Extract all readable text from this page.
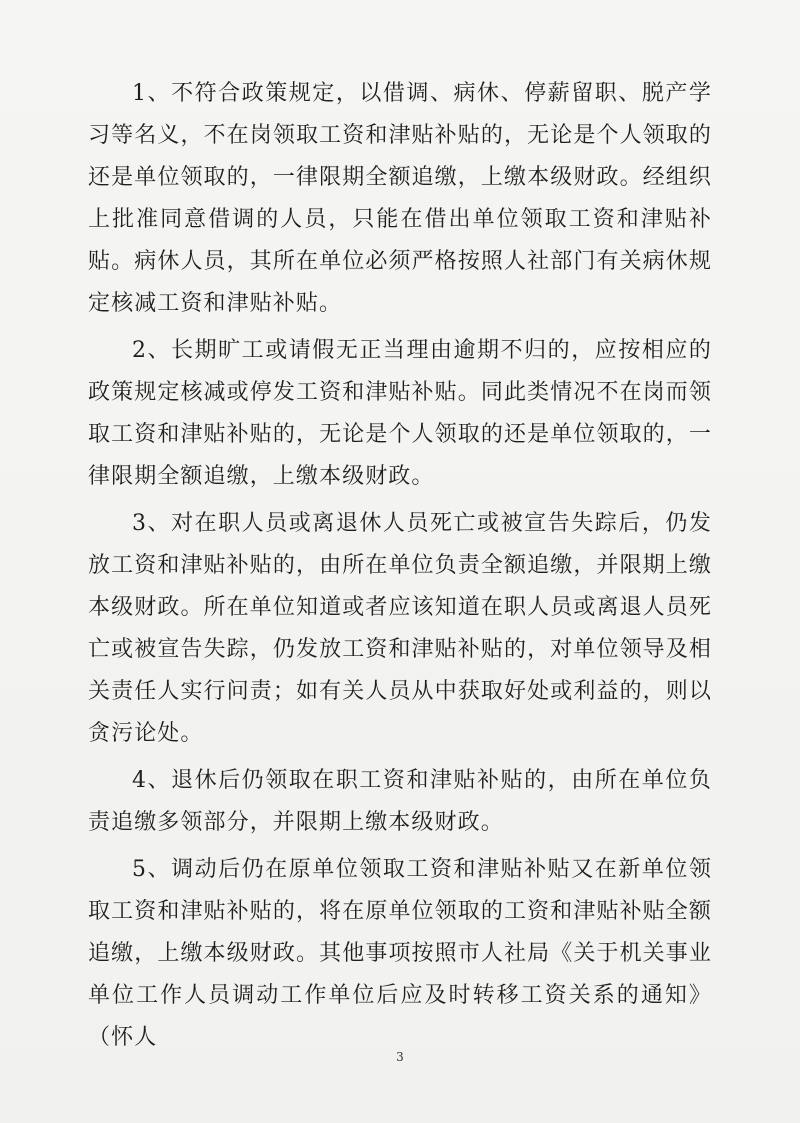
1、不符合政策规定，以借调、病休、停薪留职、脱产学习等名义，不在岗领取工资和津贴补贴的，无论是个人领取的还是单位领取的，一律限期全额追缴，上缴本级财政。经组织上批准同意借调的人员，只能在借出单位领取工资和津贴补贴。病休人员，其所在单位必须严格按照人社部门有关病休规定核减工资和津贴补贴。

2、长期旷工或请假无正当理由逾期不归的，应按相应的政策规定核减或停发工资和津贴补贴。同此类情况不在岗而领取工资和津贴补贴的，无论是个人领取的还是单位领取的，一律限期全额追缴，上缴本级财政。

3、对在职人员或离退休人员死亡或被宣告失踪后，仍发放工资和津贴补贴的，由所在单位负责全额追缴，并限期上缴本级财政。所在单位知道或者应该知道在职人员或离退人员死亡或被宣告失踪，仍发放工资和津贴补贴的，对单位领导及相关责任人实行问责；如有关人员从中获取好处或利益的，则以贪污论处。

4、退休后仍领取在职工资和津贴补贴的，由所在单位负责追缴多领部分，并限期上缴本级财政。

5、调动后仍在原单位领取工资和津贴补贴又在新单位领取工资和津贴补贴的，将在原单位领取的工资和津贴补贴全额追缴，上缴本级财政。其他事项按照市人社局《关于机关事业单位工作人员调动工作单位后应及时转移工资关系的通知》（怀人

3
